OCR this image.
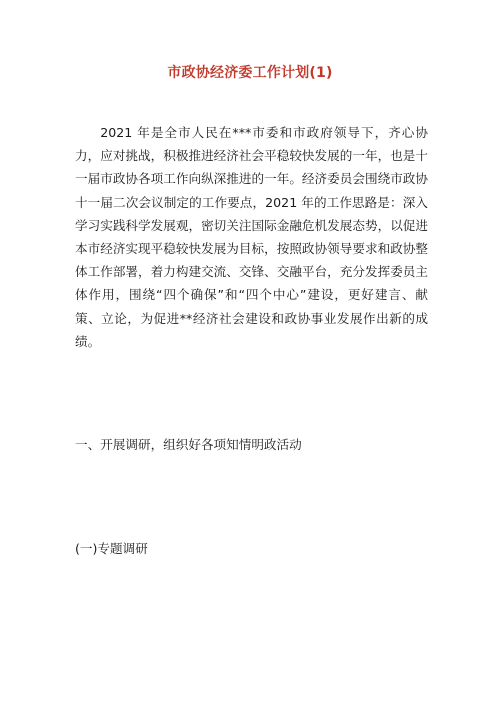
市政协经济委工作计划(1)

2021 年是全市人民在***市委和市政府领导下，齐心协力，应对挑战，积极推进经济社会平稳较快发展的一年，也是十一届市政协各项工作向纵深推进的一年。经济委员会围绕市政协十一届二次会议制定的工作要点，2021 年的工作思路是：深入学习实践科学发展观，密切关注国际金融危机发展态势，以促进本市经济实现平稳较快发展为目标，按照政协领导要求和政协整体工作部署，着力构建交流、交锋、交融平台，充分发挥委员主体作用，围绕“四个确保”和“四个中心”建设，更好建言、献策、立论，为促进**经济社会建设和政协事业发展作出新的成绩。

一、开展调研，组织好各项知情明政活动

(一)专题调研
